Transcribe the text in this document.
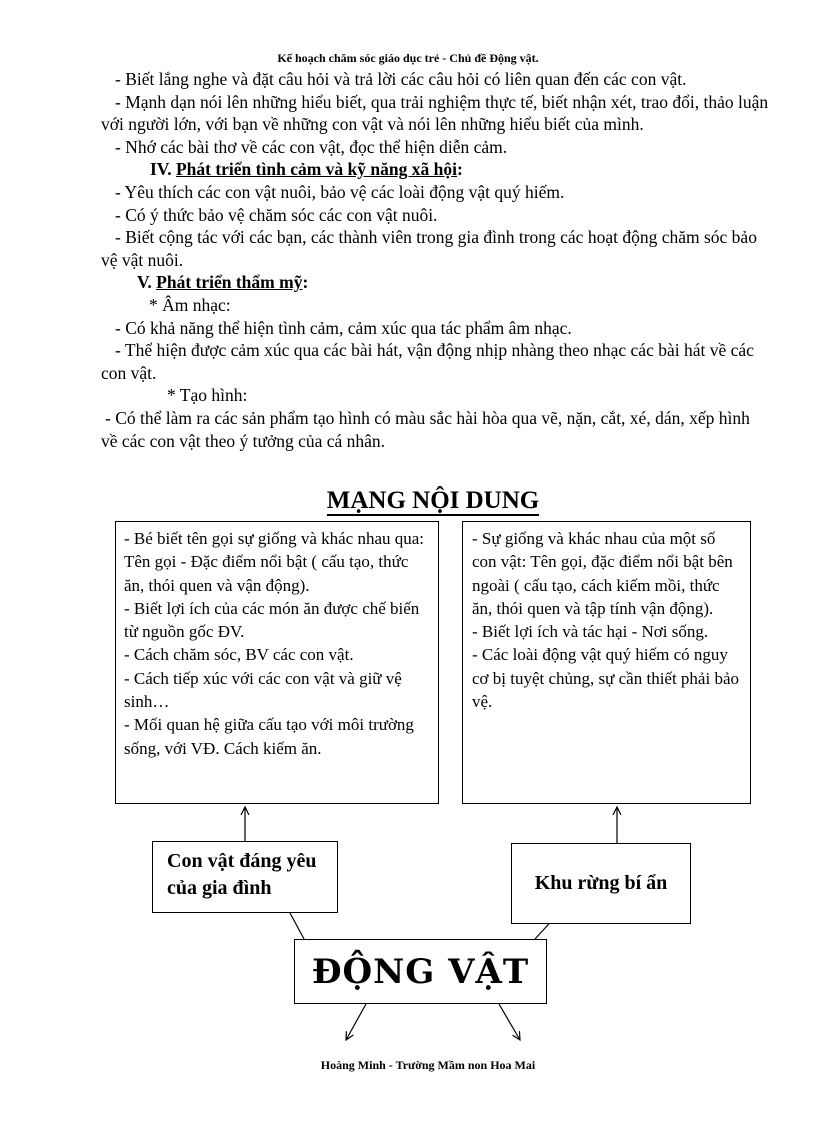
Kế hoạch chăm sóc giáo dục trẻ - Chủ đề Động vật.

- Biết lắng nghe và đặt câu hỏi và trả lời các câu hỏi có liên quan đến các con vật.

- Mạnh dạn nói lên những hiểu biết, qua trải nghiệm thực tế, biết nhận xét, trao đổi, thảo luận với người lớn, với bạn về những con vật và nói lên những hiểu biết của mình.

- Nhớ các bài thơ về các con vật, đọc thể hiện diễn cảm.

IV. Phát triển tình cảm và kỹ năng xã hội:

- Yêu thích các con vật nuôi, bảo vệ các loài động vật quý hiếm.

- Có ý thức bảo vệ chăm sóc các con vật nuôi.

- Biết cộng tác với các bạn, các thành viên trong gia đình trong các hoạt động chăm sóc bảo vệ vật nuôi.

V. Phát triển thẩm mỹ:

* Âm nhạc:

- Có khả năng thể hiện tình cảm, cảm xúc qua tác phẩm âm nhạc.

- Thể hiện được cảm xúc qua các bài hát, vận động nhịp nhàng theo nhạc các bài hát về các con vật.

* Tạo hình:

- Có thể làm ra các sản phẩm tạo hình có màu sắc hài hòa qua vẽ, nặn, cắt, xé, dán, xếp hình về các con vật theo ý tưởng của cá nhân.

MẠNG NỘI DUNG

- Bé biết tên gọi sự giống và khác nhau qua: Tên gọi - Đặc điểm nổi bật ( cấu tạo, thức ăn, thói quen và vận động).

- Biết lợi ích của các món ăn được chế biến từ nguồn gốc ĐV.

- Cách chăm sóc, BV các con vật.

- Cách tiếp xúc với các con vật và giữ vệ sinh…

- Mối quan hệ giữa cấu tạo với môi trường sống, với VĐ. Cách kiếm ăn.

- Sự giống và khác nhau của một số con vật: Tên gọi, đặc điểm nổi bật bên ngoài ( cấu tạo, cách kiếm mồi, thức ăn, thói quen và tập tính vận động).

- Biết lợi ích và tác hại - Nơi sống.

- Các loài động vật quý hiếm có nguy cơ bị tuyệt chủng, sự cần thiết phải bảo vệ.

Con vật đáng yêu của gia đình	Khu rừng bí ẩn
ĐỘNG VẬT
Hoàng Minh - Trường Mầm non Hoa Mai
